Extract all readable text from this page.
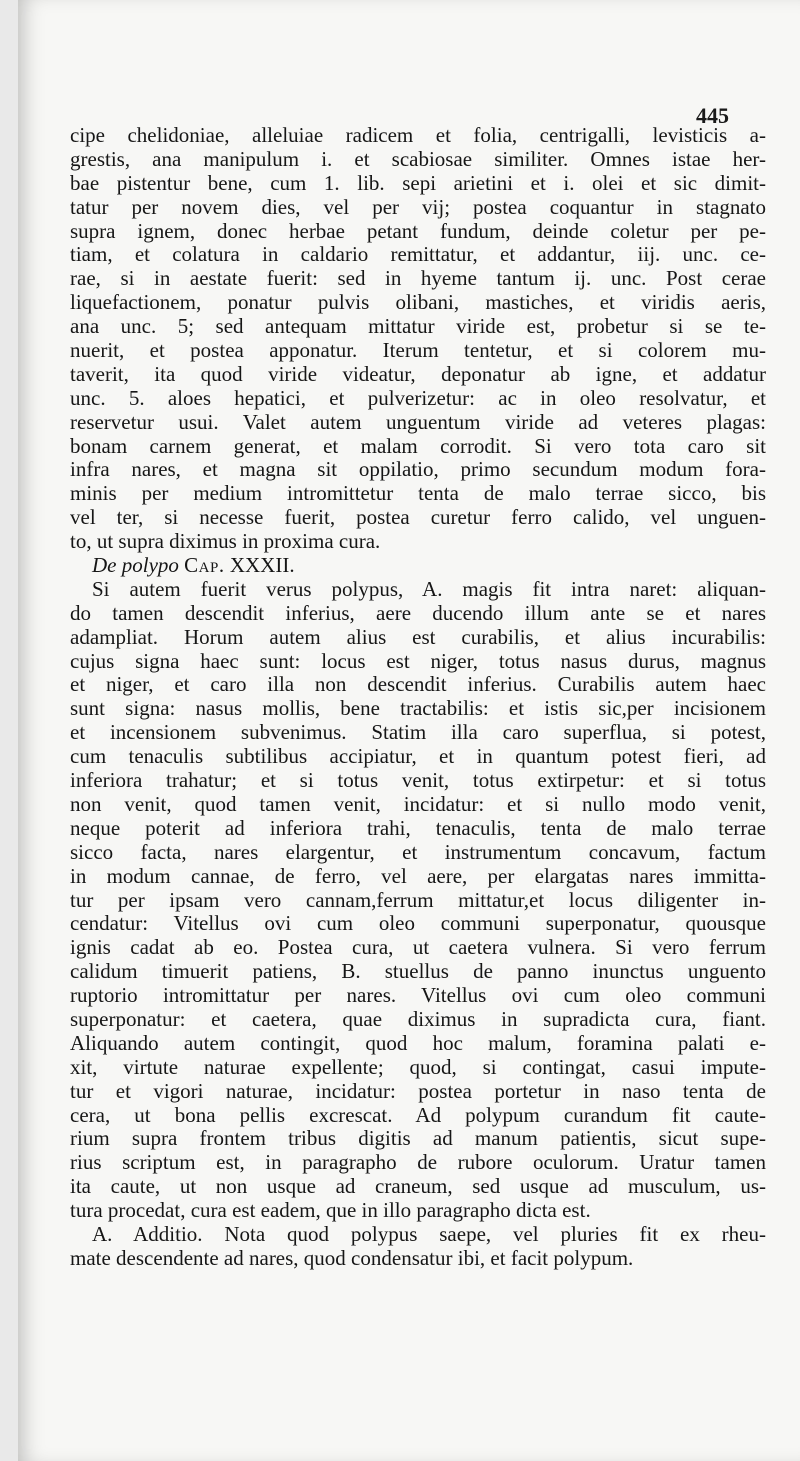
445
cipe chelidoniae, alleluiae radicem et folia, centrigalli, levisticis a-
grestis, ana manipulum i. et scabiosae similiter. Omnes istae her-
bae pistentur bene, cum 1. lib. sepi arietini et i. olei et sic dimit-
tatur per novem dies, vel per vij; postea coquantur in stagnato
supra ignem, donec herbae petant fundum, deinde coletur per pe-
tiam, et colatura in caldario remittatur, et addantur, iij. unc. ce-
rae, si in aestate fuerit: sed in hyeme tantum ij. unc. Post cerae
liquefactionem, ponatur pulvis olibani, mastiches, et viridis aeris,
ana unc. 5; sed antequam mittatur viride est, probetur si se te-
nuerit, et postea apponatur. Iterum tentetur, et si colorem mu-
taverit, ita quod viride videatur, deponatur ab igne, et addatur
unc. 5. aloes hepatici, et pulverizetur: ac in oleo resolvatur, et
reservetur usui. Valet autem unguentum viride ad veteres plagas:
bonam carnem generat, et malam corrodit. Si vero tota caro sit
infra nares, et magna sit oppilatio, primo secundum modum fora-
minis per medium intromittetur tenta de malo terrae sicco, bis
vel ter, si necesse fuerit, postea curetur ferro calido, vel unguen-
to, ut supra diximus in proxima cura.
De polypo Cap. XXXII.
Si autem fuerit verus polypus, A. magis fit intra naret: aliquan-
do tamen descendit inferius, aere ducendo illum ante se et nares
adampliat. Horum autem alius est curabilis, et alius incurabilis:
cujus signa haec sunt: locus est niger, totus nasus durus, magnus
et niger, et caro illa non descendit inferius. Curabilis autem haec
sunt signa: nasus mollis, bene tractabilis: et istis sic,per incisionem
et incensionem subvenimus. Statim illa caro superflua, si potest,
cum tenaculis subtilibus accipiatur, et in quantum potest fieri, ad
inferiora trahatur; et si totus venit, totus extirpetur: et si totus
non venit, quod tamen venit, incidatur: et si nullo modo venit,
neque poterit ad inferiora trahi, tenaculis, tenta de malo terrae
sicco facta, nares elargentur, et instrumentum concavum, factum
in modum cannae, de ferro, vel aere, per elargatas nares immitta-
tur per ipsam vero cannam,ferrum mittatur,et locus diligenter in-
cendatur: Vitellus ovi cum oleo communi superponatur, quousque
ignis cadat ab eo. Postea cura, ut caetera vulnera. Si vero ferrum
calidum timuerit patiens, B. stuellus de panno inunctus unguento
ruptorio intromittatur per nares. Vitellus ovi cum oleo communi
superponatur: et caetera, quae diximus in supradicta cura, fiant.
Aliquando autem contingit, quod hoc malum, foramina palati e-
xit, virtute naturae expellente; quod, si contingat, casui impute-
tur et vigori naturae, incidatur: postea portetur in naso tenta de
cera, ut bona pellis excrescat. Ad polypum curandum fit caute-
rium supra frontem tribus digitis ad manum patientis, sicut supe-
rius scriptum est, in paragrapho de rubore oculorum. Uratur tamen
ita caute, ut non usque ad craneum, sed usque ad musculum, us-
tura procedat, cura est eadem, que in illo paragrapho dicta est.
A. Additio. Nota quod polypus saepe, vel pluries fit ex rheu-
mate descendente ad nares, quod condensatur ibi, et facit polypum.
